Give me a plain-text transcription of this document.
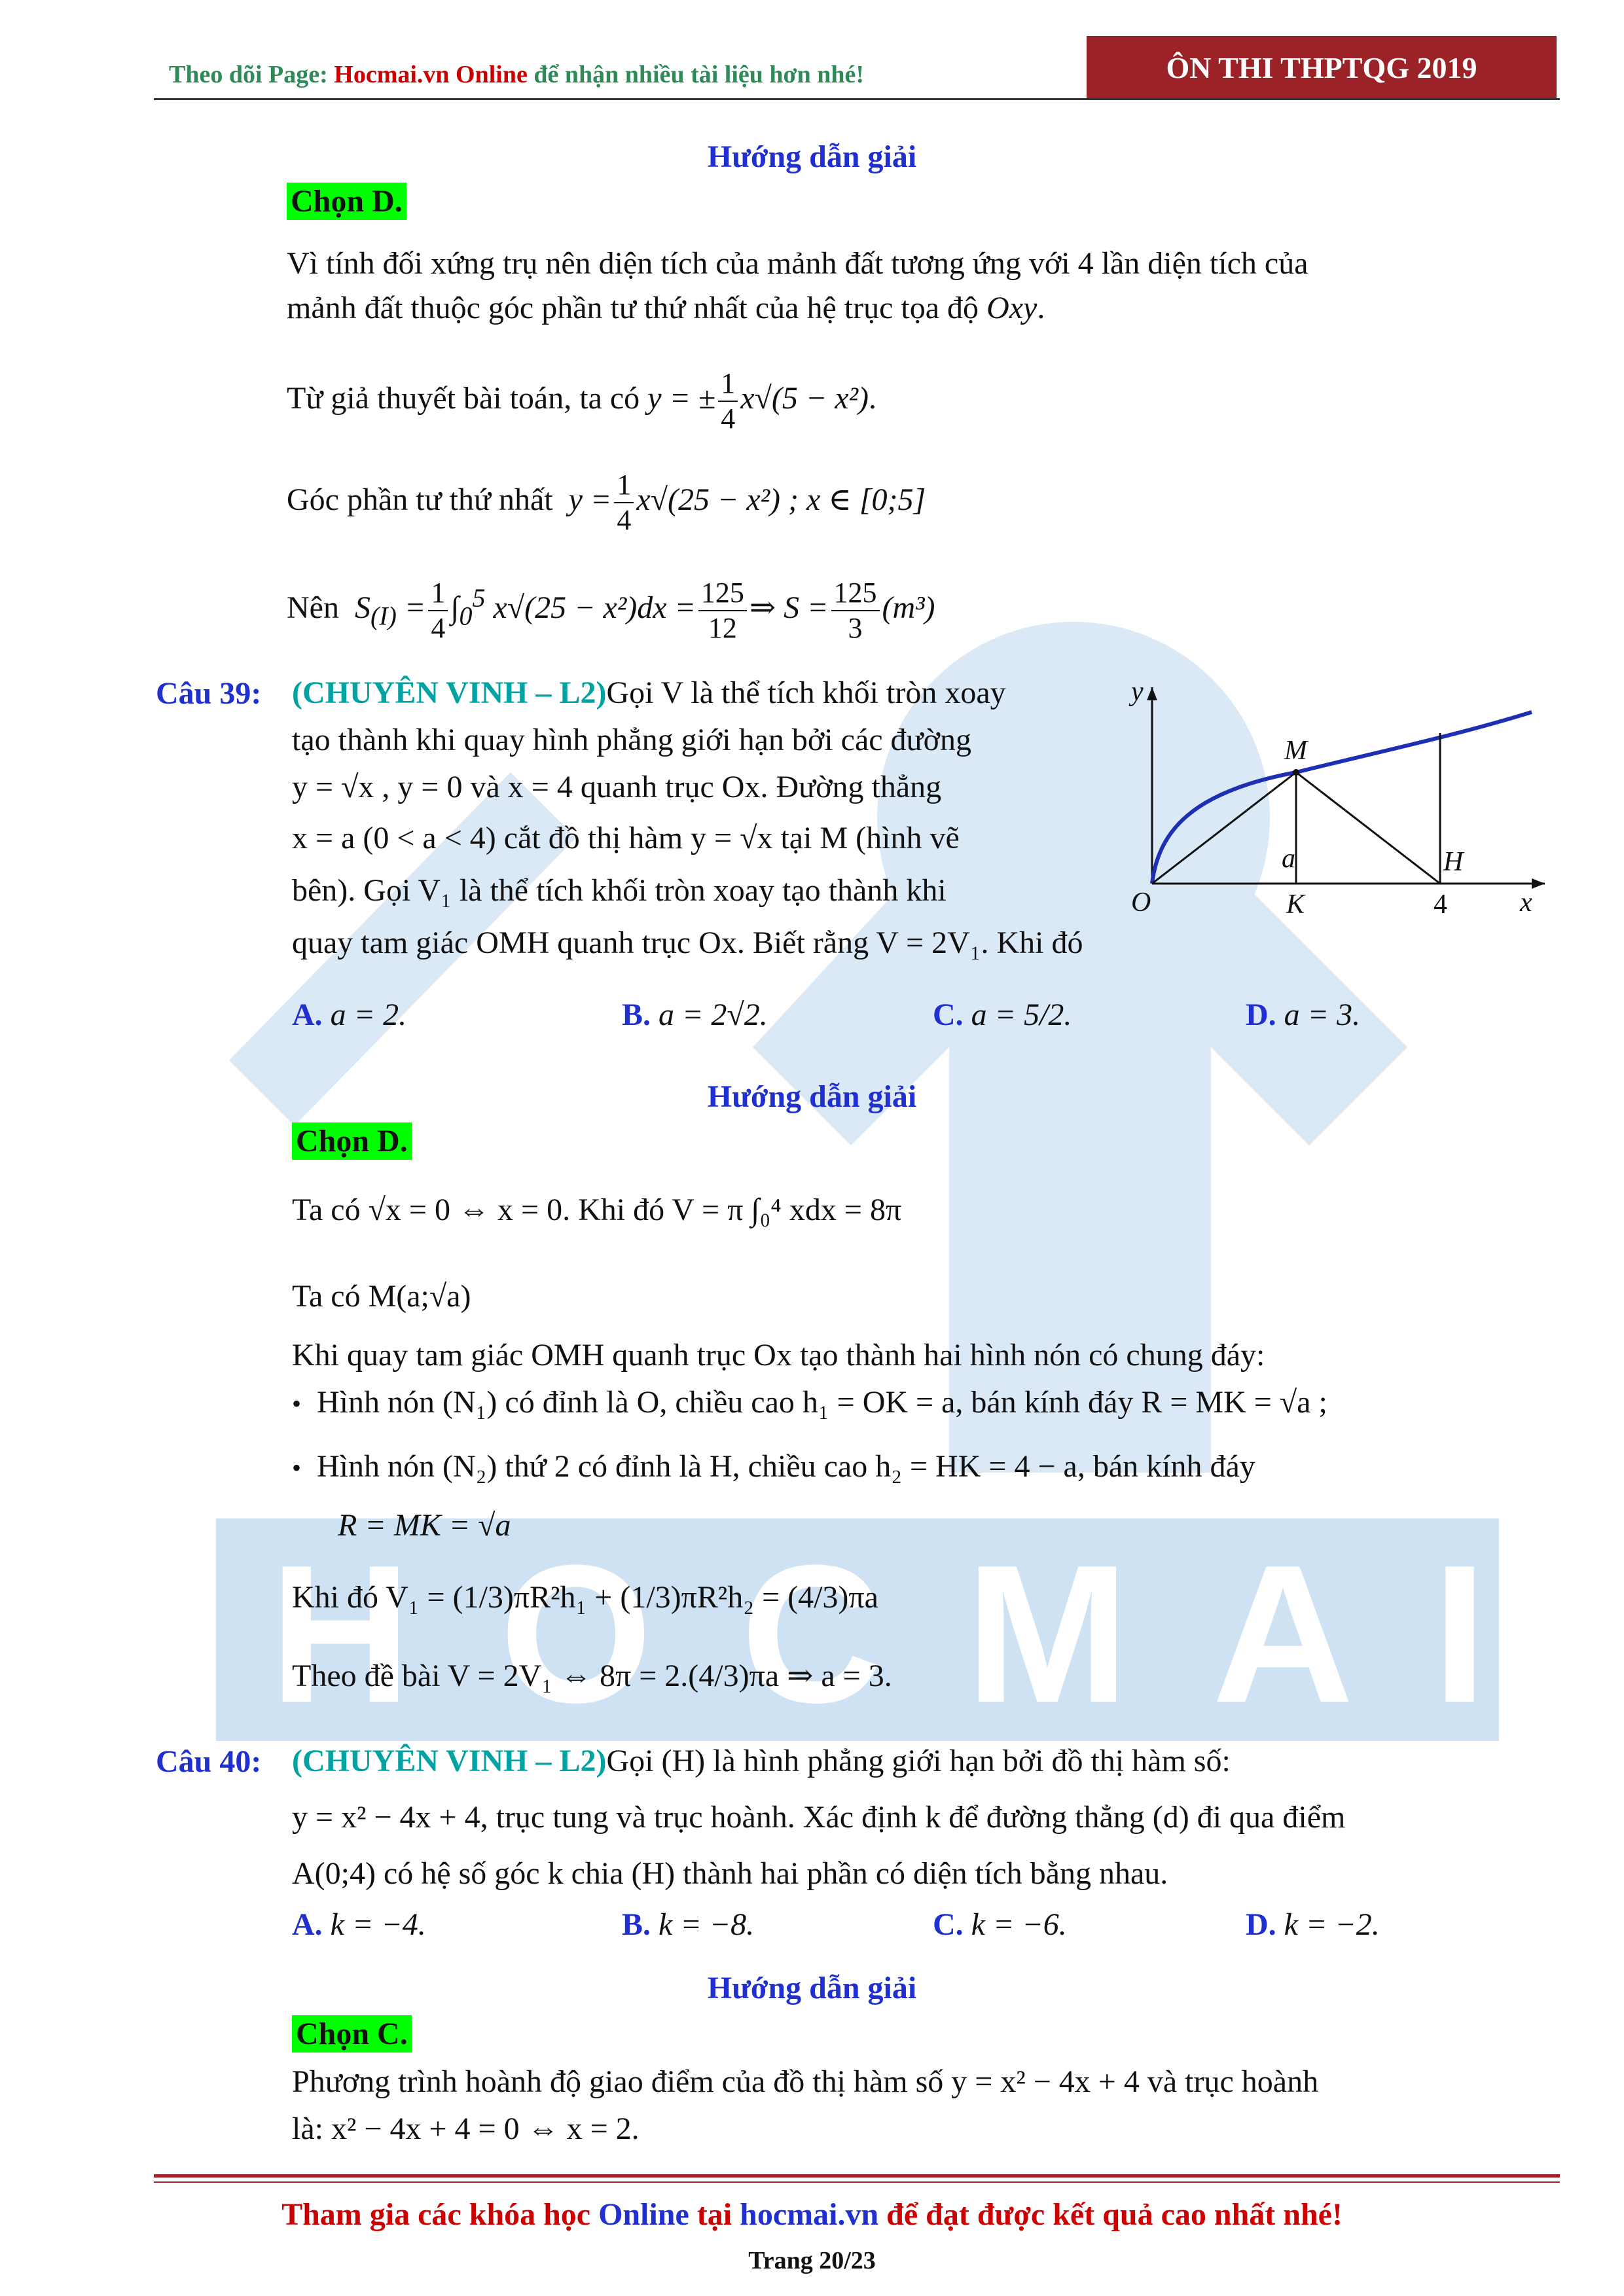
H O C M A I
Theo dõi Page: Hocmai.vn Online để nhận nhiều tài liệu hơn nhé!	ÔN THI THPTQG 2019
Hướng dẫn giải
Chọn D.
Vì tính đối xứng trụ nên diện tích của mảnh đất tương ứng với 4 lần diện tích của
mảnh đất thuộc góc phần tư thứ nhất của hệ trục tọa độ Oxy.
Từ giả thuyết bài toán, ta có y = ± $\frac{1}{4} x√(5 - x^2)$.
Góc phần tư thứ nhất  $y = \frac{1}{4} x√(25 - x^2)$ ; x ∈ [0;5]
Nên  $S_{(I)} = \frac{1}{4} \int_0^5$ $x√(25 - x^2)dx = \frac{125}{12}$ ⇒ $S = \frac{125}{3} (m^3)$
Câu 39: (CHUYÊN VINH – L2)Gọi V là thể tích khối tròn xoay
tạo thành khi quay hình phẳng giới hạn bởi các đường
y = √x , y = 0 và x = 4 quanh trục Ox. Đường thẳng
x = a (0 < a < 4) cắt đồ thị hàm y = √x tại M (hình vẽ
bên). Gọi V₁ là thể tích khối tròn xoay tạo thành khi
quay tam giác OMH quanh trục Ox. Biết rằng V = 2V₁. Khi đó
y
M
a	H
O	K	4	x
A. a = 2.	B. a = 2√2.	C. a = 5/2.	D. a = 3.
Hướng dẫn giải
Chọn D.
Ta có √x = 0 ⇔ x = 0. Khi đó V = π ∫₀⁴ xdx = 8π
Ta có M(a;√a)
Khi quay tam giác OMH quanh trục Ox tạo thành hai hình nón có chung đáy:
• Hình nón (N₁) có đỉnh là O, chiều cao h₁ = OK = a, bán kính đáy R = MK = √a ;
• Hình nón (N₂) thứ 2 có đỉnh là H, chiều cao h₂ = HK = 4 − a, bán kính đáy
R = MK = √a
Khi đó V₁ = (1/3)πR²h₁ + (1/3)πR²h₂ = (4/3)πa
Theo đề bài V = 2V₁ ⇔ 8π = 2.(4/3)πa ⇒ a = 3.
Câu 40: (CHUYÊN VINH – L2)Gọi (H) là hình phẳng giới hạn bởi đồ thị hàm số:
y = x² − 4x + 4, trục tung và trục hoành. Xác định k để đường thẳng (d) đi qua điểm
A(0;4) có hệ số góc k chia (H) thành hai phần có diện tích bằng nhau.
A. k = −4.	B. k = −8.	C. k = −6.	D. k = −2.
Hướng dẫn giải
Chọn C.
Phương trình hoành độ giao điểm của đồ thị hàm số y = x² − 4x + 4 và trục hoành
là: x² − 4x + 4 = 0 ⇔ x = 2.
Tham gia các khóa học Online tại hocmai.vn để đạt được kết quả cao nhất nhé!
Trang 20/23
